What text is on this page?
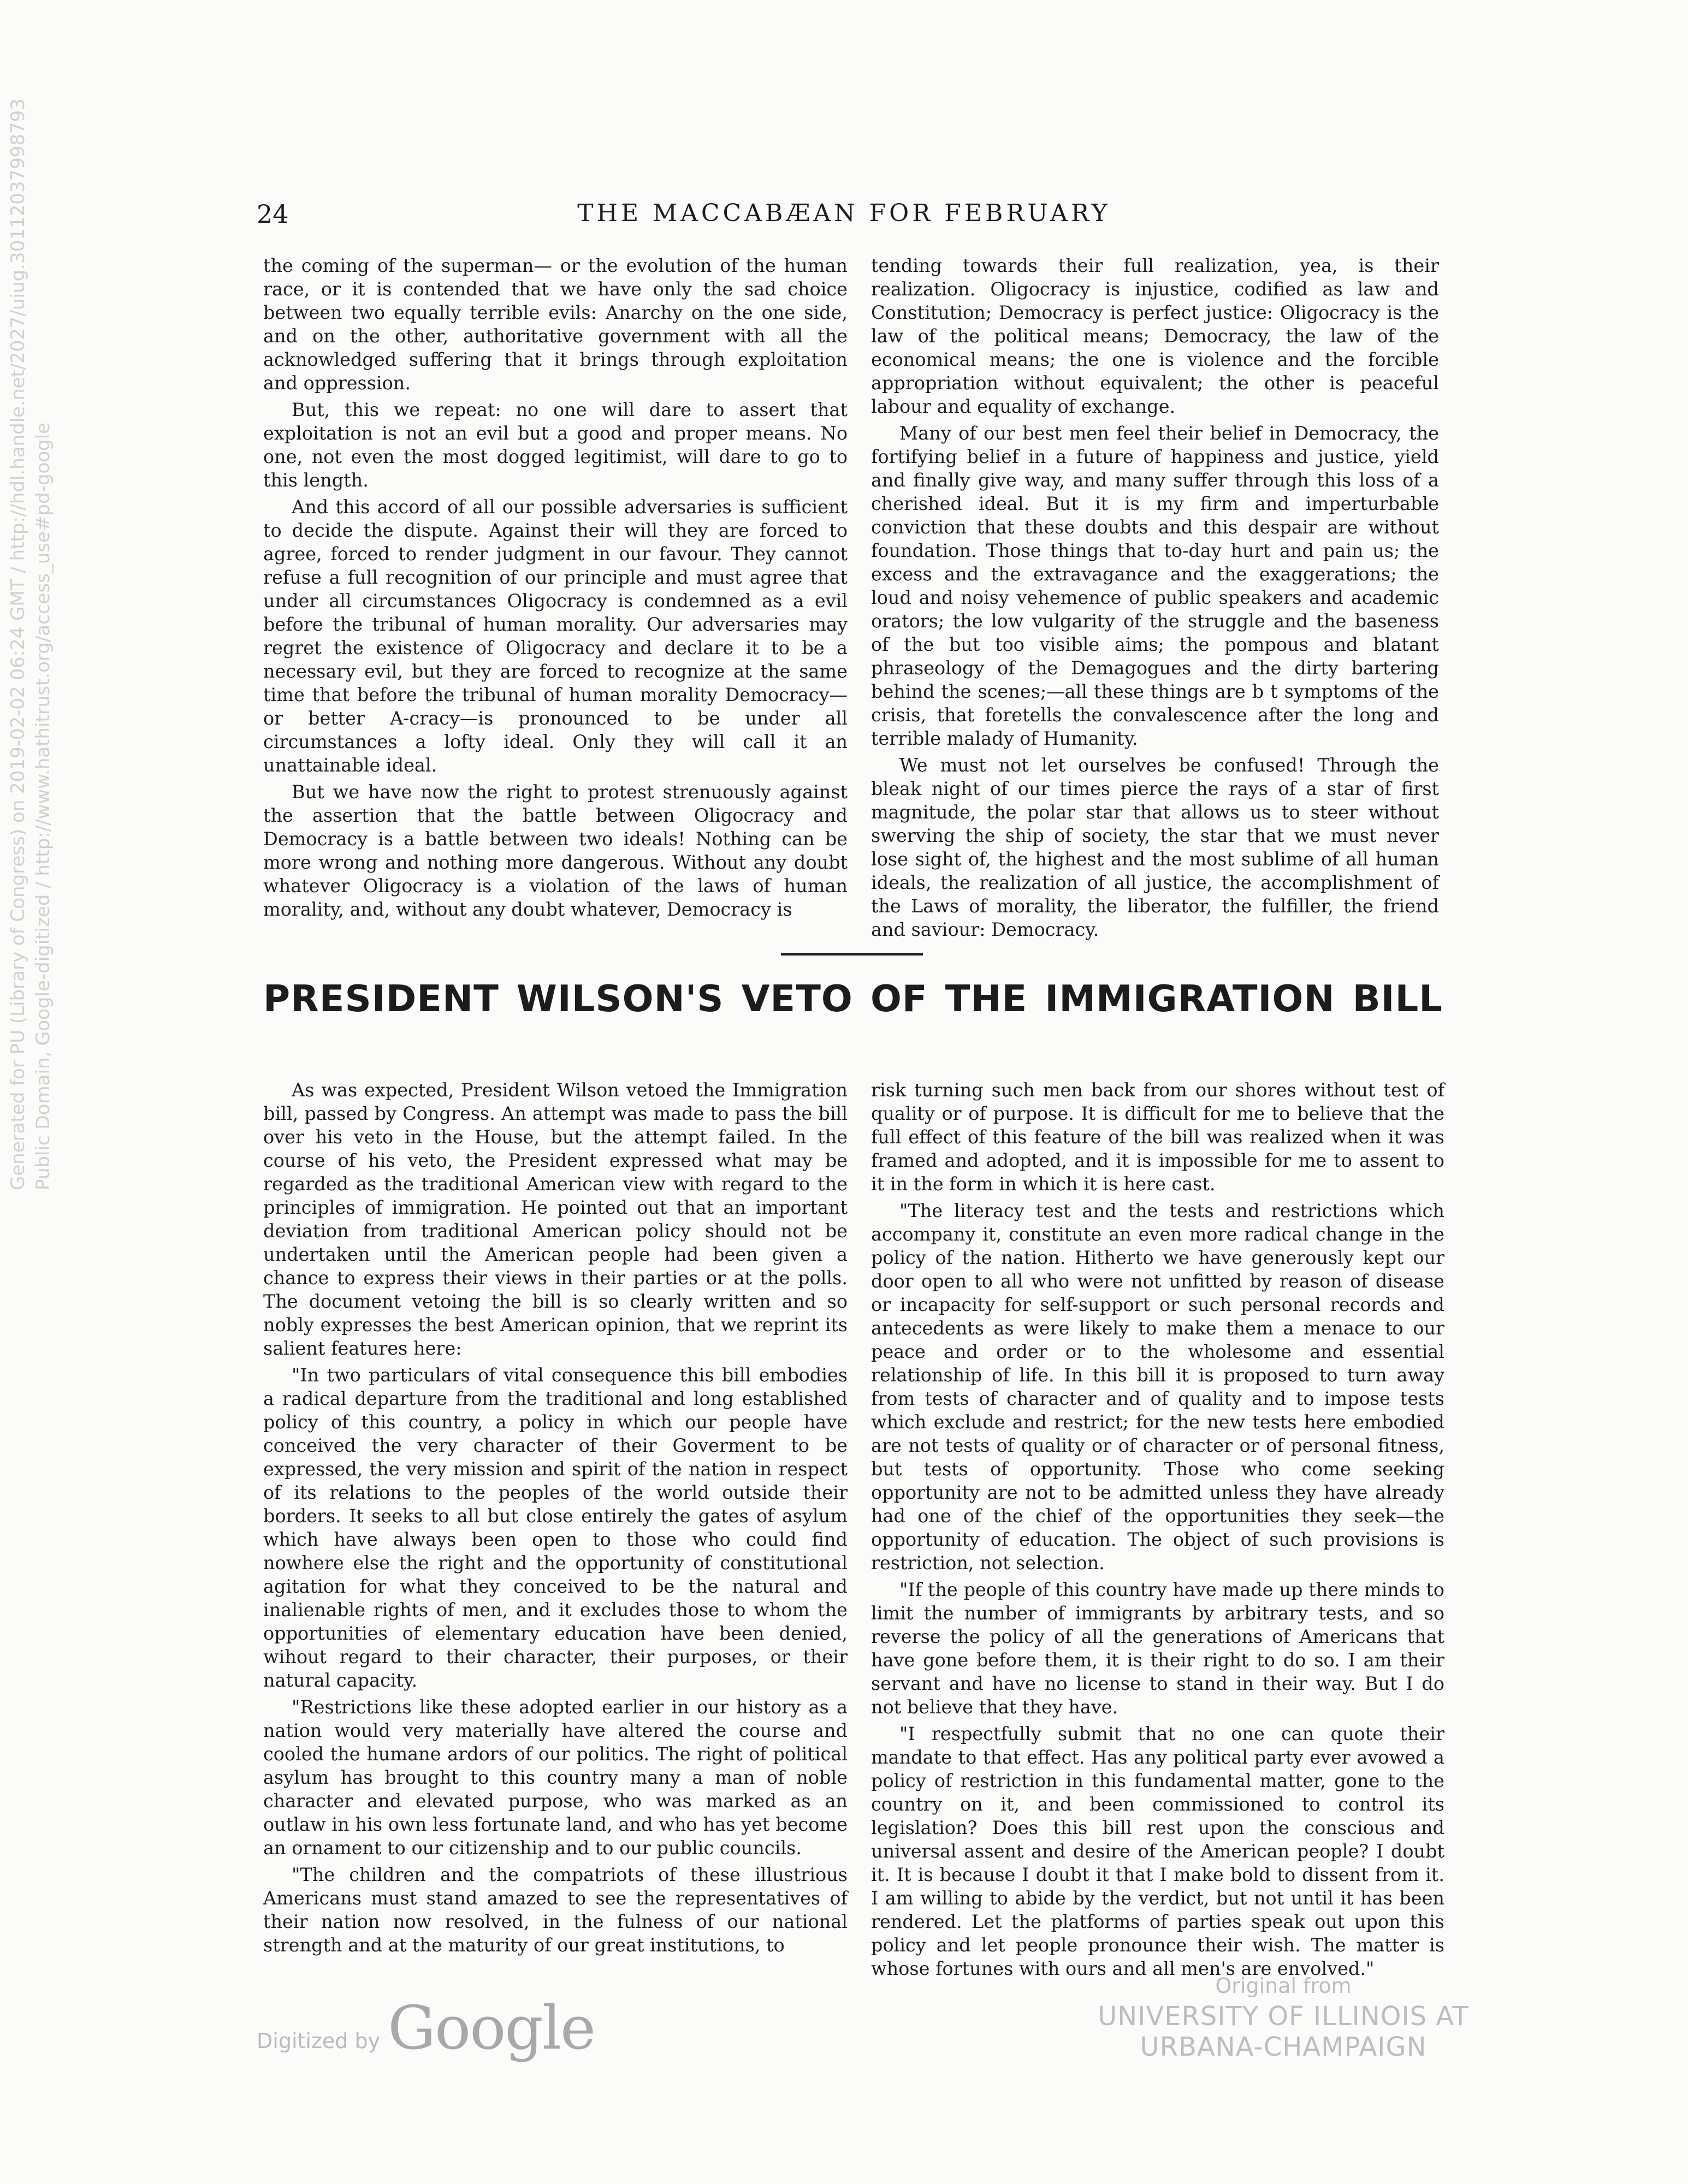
24	THE MACCABÆAN FOR FEBRUARY

the coming of the superman— or the evolution of the human race, or it is contended that we have only the sad choice between two equally terrible evils: Anarchy on the one side, and on the other, authoritative government with all the acknowledged suffering that it brings through exploitation and oppression.

But, this we repeat: no one will dare to assert that exploitation is not an evil but a good and proper means. No one, not even the most dogged legitimist, will dare to go to this length.

And this accord of all our possible adversaries is sufficient to decide the dispute. Against their will they are forced to agree, forced to render judgment in our favour. They cannot refuse a full recognition of our principle and must agree that under all circumstances Oligocracy is condemned as a evil before the tribunal of human morality. Our adversaries may regret the existence of Oligocracy and declare it to be a necessary evil, but they are forced to recognize at the same time that before the tribunal of human morality Democracy—or better A-cracy—is pronounced to be under all circumstances a lofty ideal. Only they will call it an unattainable ideal.

But we have now the right to protest strenuously against the assertion that the battle between Oligocracy and Democracy is a battle between two ideals! Nothing can be more wrong and nothing more dangerous. Without any doubt whatever Oligocracy is a violation of the laws of human morality, and, without any doubt whatever, Democracy is

tending towards their full realization, yea, is their realization. Oligocracy is injustice, codified as law and Constitution; Democracy is perfect justice: Oligocracy is the law of the political means; Democracy, the law of the economical means; the one is violence and the forcible appropriation without equivalent; the other is peaceful labour and equality of exchange.

Many of our best men feel their belief in Democracy, the fortifying belief in a future of happiness and justice, yield and finally give way, and many suffer through this loss of a cherished ideal. But it is my firm and imperturbable conviction that these doubts and this despair are without foundation. Those things that to-day hurt and pain us; the excess and the extravagance and the exaggerations; the loud and noisy vehemence of public speakers and academic orators; the low vulgarity of the struggle and the baseness of the but too visible aims; the pompous and blatant phraseology of the Demagogues and the dirty bartering behind the scenes;—all these things are b t symptoms of the crisis, that foretells the convalescence after the long and terrible malady of Humanity.

We must not let ourselves be confused! Through the bleak night of our times pierce the rays of a star of first magnitude, the polar star that allows us to steer without swerving the ship of society, the star that we must never lose sight of, the highest and the most sublime of all human ideals, the realization of all justice, the accomplishment of the Laws of morality, the liberator, the fulfiller, the friend and saviour: Democracy.

PRESIDENT WILSON'S VETO OF THE IMMIGRATION BILL

As was expected, President Wilson vetoed the Immigration bill, passed by Congress. An attempt was made to pass the bill over his veto in the House, but the attempt failed. In the course of his veto, the President expressed what may be regarded as the traditional American view with regard to the principles of immigration. He pointed out that an important deviation from traditional American policy should not be undertaken until the American people had been given a chance to express their views in their parties or at the polls. The document vetoing the bill is so clearly written and so nobly expresses the best American opinion, that we reprint its salient features here:

"In two particulars of vital consequence this bill embodies a radical departure from the traditional and long established policy of this country, a policy in which our people have conceived the very character of their Goverment to be expressed, the very mission and spirit of the nation in respect of its relations to the peoples of the world outside their borders. It seeks to all but close entirely the gates of asylum which have always been open to those who could find nowhere else the right and the opportunity of constitutional agitation for what they conceived to be the natural and inalienable rights of men, and it excludes those to whom the opportunities of elementary education have been denied, wihout regard to their character, their purposes, or their natural capacity.

"Restrictions like these adopted earlier in our history as a nation would very materially have altered the course and cooled the humane ardors of our politics. The right of political asylum has brought to this country many a man of noble character and elevated purpose, who was marked as an outlaw in his own less fortunate land, and who has yet become an ornament to our citizenship and to our public councils.

"The children and the compatriots of these illustrious Americans must stand amazed to see the representatives of their nation now resolved, in the fulness of our national strength and at the maturity of our great institutions, to

risk turning such men back from our shores without test of quality or of purpose. It is difficult for me to believe that the full effect of this feature of the bill was realized when it was framed and adopted, and it is impossible for me to assent to it in the form in which it is here cast.

"The literacy test and the tests and restrictions which accompany it, constitute an even more radical change in the policy of the nation. Hitherto we have generously kept our door open to all who were not unfitted by reason of disease or incapacity for self-support or such personal records and antecedents as were likely to make them a menace to our peace and order or to the wholesome and essential relationship of life. In this bill it is proposed to turn away from tests of character and of quality and to impose tests which exclude and restrict; for the new tests here embodied are not tests of quality or of character or of personal fitness, but tests of opportunity. Those who come seeking opportunity are not to be admitted unless they have already had one of the chief of the opportunities they seek—the opportunity of education. The object of such provisions is restriction, not selection.

"If the people of this country have made up there minds to limit the number of immigrants by arbitrary tests, and so reverse the policy of all the generations of Americans that have gone before them, it is their right to do so. I am their servant and have no license to stand in their way. But I do not believe that they have.

"I respectfully submit that no one can quote their mandate to that effect. Has any political party ever avowed a policy of restriction in this fundamental matter, gone to the country on it, and been commissioned to control its legislation? Does this bill rest upon the conscious and universal assent and desire of the American people? I doubt it. It is because I doubt it that I make bold to dissent from it. I am willing to abide by the verdict, but not until it has been rendered. Let the platforms of parties speak out upon this policy and let people pronounce their wish. The matter is whose fortunes with ours and all men's are envolved."

Generated for PU (Library of Congress) on 2019-02-02 06:24 GMT / http://hdl.handle.net/2027/uiug.30112037998793 Public Domain, Google-digitized / http://www.hathitrust.org/access_use#pd-google
Digitized by Google
Original from
UNIVERSITY OF ILLINOIS AT
URBANA-CHAMPAIGN
